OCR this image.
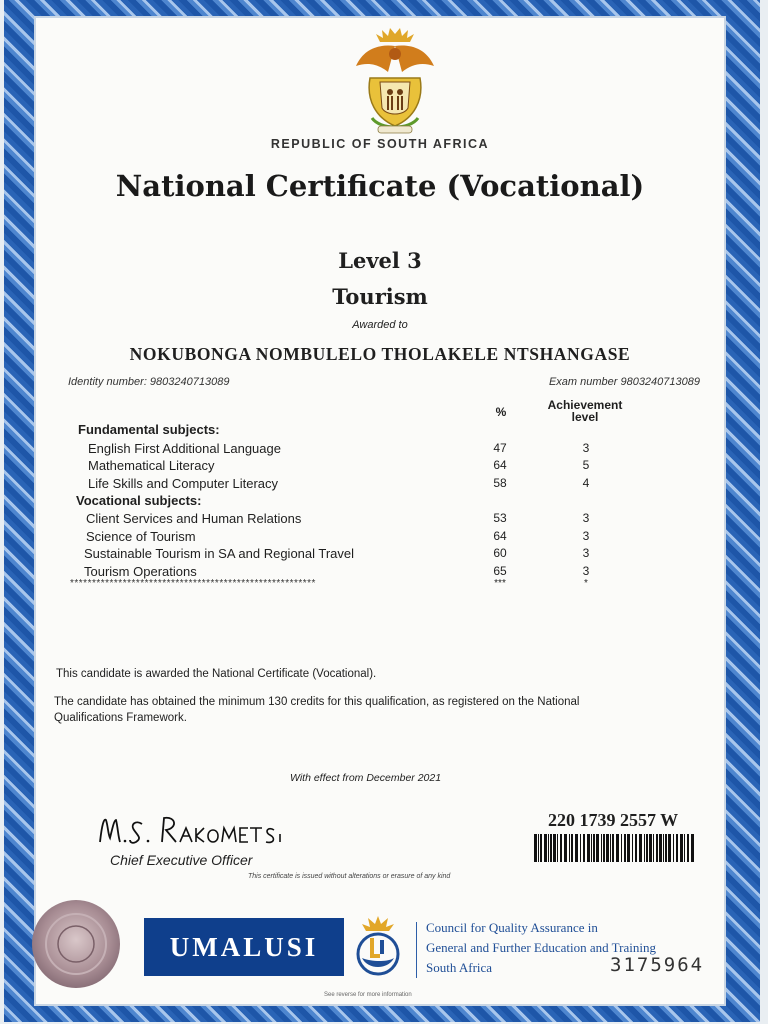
REPUBLIC OF SOUTH AFRICA
National Certificate (Vocational)
Level 3
Tourism
Awarded to
NOKUBONGA NOMBULELO THOLAKELE NTSHANGASE
Identity number: 9803240713089	Exam number 9803240713089
%	Achievement
level
Fundamental subjects:
English First Additional Language	47	3
Mathematical Literacy	64	5
Life Skills and Computer Literacy	58	4
Vocational subjects:
Client Services and Human Relations	53	3
Science of Tourism	64	3
Sustainable Tourism in SA and Regional Travel	60	3
Tourism Operations	65	3
********************************************************	***	*
This candidate is awarded the National Certificate (Vocational).
The candidate has obtained the minimum 130 credits for this qualification, as registered on the National
Qualifications Framework.
With effect from December 2021
Chief Executive Officer
This certificate is issued without alterations or erasure of any kind
220 1739 2557 W
UMALUSI
Council for Quality Assurance in
General and Further Education and Training
South Africa	3175964
See reverse for more information
